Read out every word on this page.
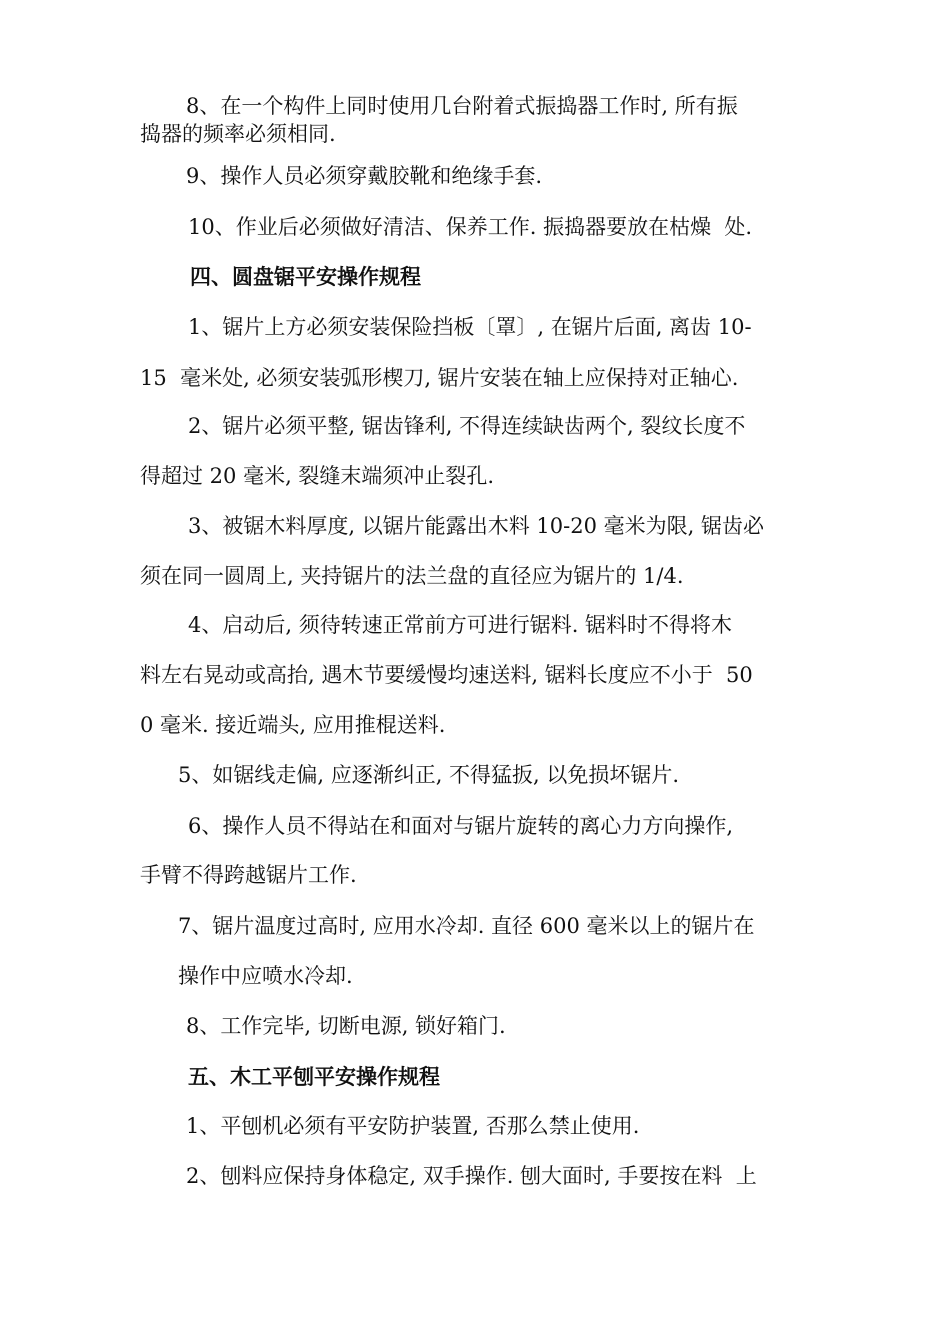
8、在一个构件上同时使用几台附着式振捣器工作时, 所有振
捣器的频率必须相同.
9、操作人员必须穿戴胶靴和绝缘手套.
10、作业后必须做好清洁、保养工作. 振捣器要放在枯燥  处.
四、圆盘锯平安操作规程
1、锯片上方必须安装保险挡板〔罩〕, 在锯片后面, 离齿 10-
15  毫米处, 必须安装弧形楔刀, 锯片安装在轴上应保持对正轴心.
2、锯片必须平整, 锯齿锋利, 不得连续缺齿两个, 裂纹长度不
得超过 20 毫米, 裂缝末端须冲止裂孔.
3、被锯木料厚度, 以锯片能露出木料 10-20 毫米为限, 锯齿必
须在同一圆周上, 夹持锯片的法兰盘的直径应为锯片的 1/4.
4、启动后, 须待转速正常前方可进行锯料. 锯料时不得将木
料左右晃动或高抬, 遇木节要缓慢均速送料, 锯料长度应不小于  50
0 毫米. 接近端头, 应用推棍送料.
5、如锯线走偏, 应逐渐纠正, 不得猛扳, 以免损坏锯片.
6、操作人员不得站在和面对与锯片旋转的离心力方向操作,
手臂不得跨越锯片工作.
7、锯片温度过高时, 应用水冷却. 直径 600 毫米以上的锯片在
操作中应喷水冷却.
8、工作完毕, 切断电源, 锁好箱门.
五、木工平刨平安操作规程
1、平刨机必须有平安防护装置, 否那么禁止使用.
2、刨料应保持身体稳定, 双手操作. 刨大面时, 手要按在料  上
